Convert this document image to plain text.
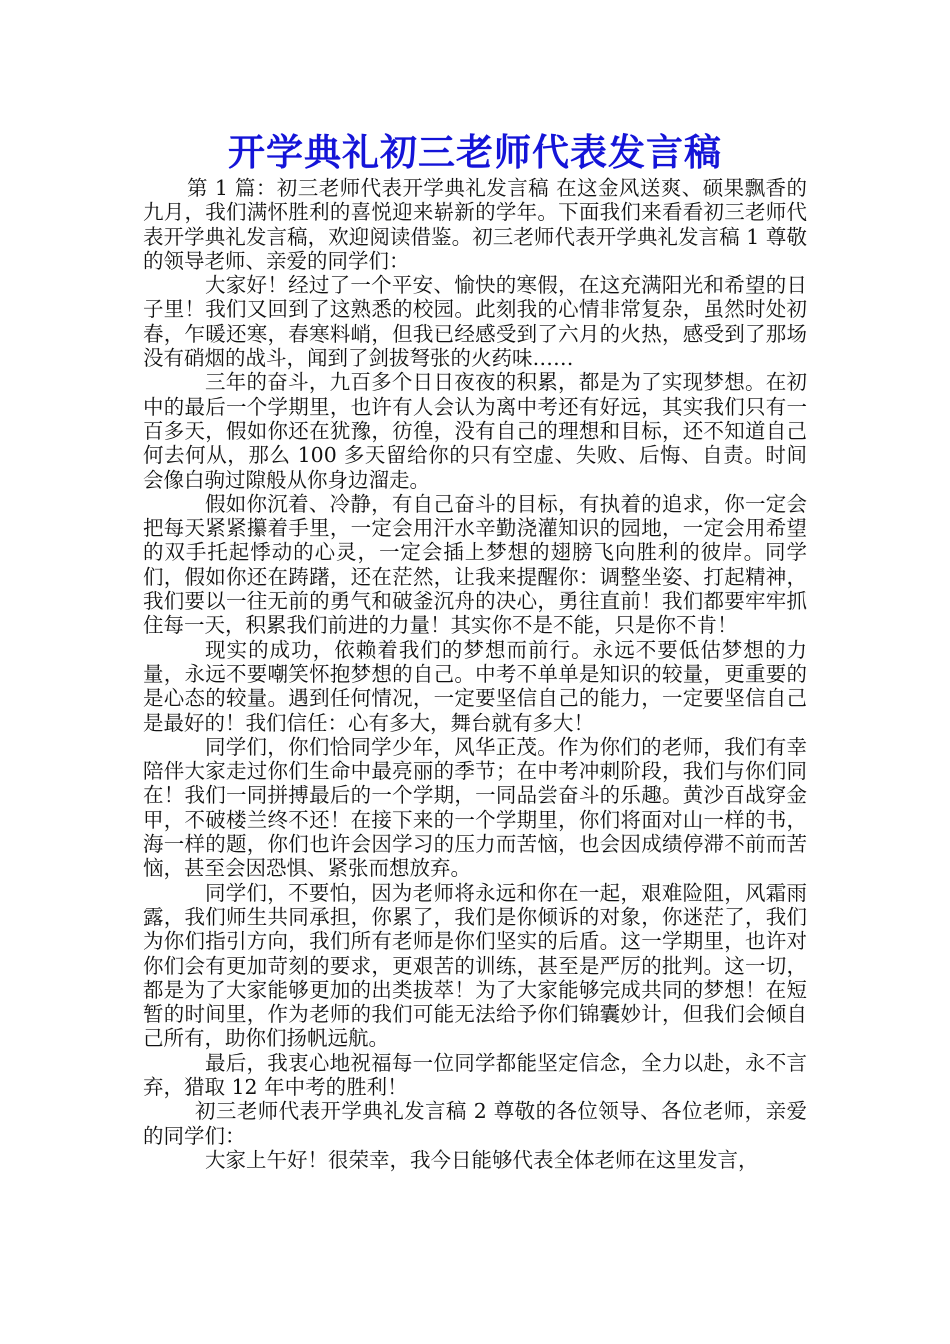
开学典礼初三老师代表发言稿

第 1 篇：初三老师代表开学典礼发言稿 在这金风送爽、硕果飘香的九月，我们满怀胜利的喜悦迎来崭新的学年。下面我们来看看初三老师代表开学典礼发言稿，欢迎阅读借鉴。初三老师代表开学典礼发言稿 1 尊敬的领导老师、亲爱的同学们：

大家好！经过了一个平安、愉快的寒假，在这充满阳光和希望的日子里！我们又回到了这熟悉的校园。此刻我的心情非常复杂，虽然时处初春，乍暖还寒，春寒料峭，但我已经感受到了六月的火热，感受到了那场没有硝烟的战斗，闻到了剑拔弩张的火药味……

三年的奋斗，九百多个日日夜夜的积累，都是为了实现梦想。在初中的最后一个学期里，也许有人会认为离中考还有好远，其实我们只有一百多天，假如你还在犹豫，彷徨，没有自己的理想和目标，还不知道自己何去何从，那么 100 多天留给你的只有空虚、失败、后悔、自责。时间会像白驹过隙般从你身边溜走。

假如你沉着、冷静，有自己奋斗的目标，有执着的追求，你一定会把每天紧紧攥着手里，一定会用汗水辛勤浇灌知识的园地，一定会用希望的双手托起悸动的心灵，一定会插上梦想的翅膀飞向胜利的彼岸。同学们，假如你还在踌躇，还在茫然，让我来提醒你：调整坐姿、打起精神，我们要以一往无前的勇气和破釜沉舟的决心，勇往直前！我们都要牢牢抓住每一天，积累我们前进的力量！其实你不是不能，只是你不肯！

现实的成功，依赖着我们的梦想而前行。永远不要低估梦想的力量，永远不要嘲笑怀抱梦想的自己。中考不单单是知识的较量，更重要的是心态的较量。遇到任何情况，一定要坚信自己的能力，一定要坚信自己是最好的！我们信任：心有多大，舞台就有多大！

同学们，你们恰同学少年，风华正茂。作为你们的老师，我们有幸陪伴大家走过你们生命中最亮丽的季节；在中考冲刺阶段，我们与你们同在！我们一同拼搏最后的一个学期，一同品尝奋斗的乐趣。黄沙百战穿金甲，不破楼兰终不还！在接下来的一个学期里，你们将面对山一样的书，海一样的题，你们也许会因学习的压力而苦恼，也会因成绩停滞不前而苦恼，甚至会因恐惧、紧张而想放弃。

同学们，不要怕，因为老师将永远和你在一起，艰难险阻，风霜雨露，我们师生共同承担，你累了，我们是你倾诉的对象，你迷茫了，我们为你们指引方向，我们所有老师是你们坚实的后盾。这一学期里，也许对你们会有更加苛刻的要求，更艰苦的训练，甚至是严厉的批判。这一切，都是为了大家能够更加的出类拔萃！为了大家能够完成共同的梦想！在短暂的时间里，作为老师的我们可能无法给予你们锦囊妙计，但我们会倾自己所有，助你们扬帆远航。

最后，我衷心地祝福每一位同学都能坚定信念，全力以赴，永不言弃，猎取 12 年中考的胜利！

初三老师代表开学典礼发言稿 2 尊敬的各位领导、各位老师，亲爱的同学们：

大家上午好！很荣幸，我今日能够代表全体老师在这里发言，
